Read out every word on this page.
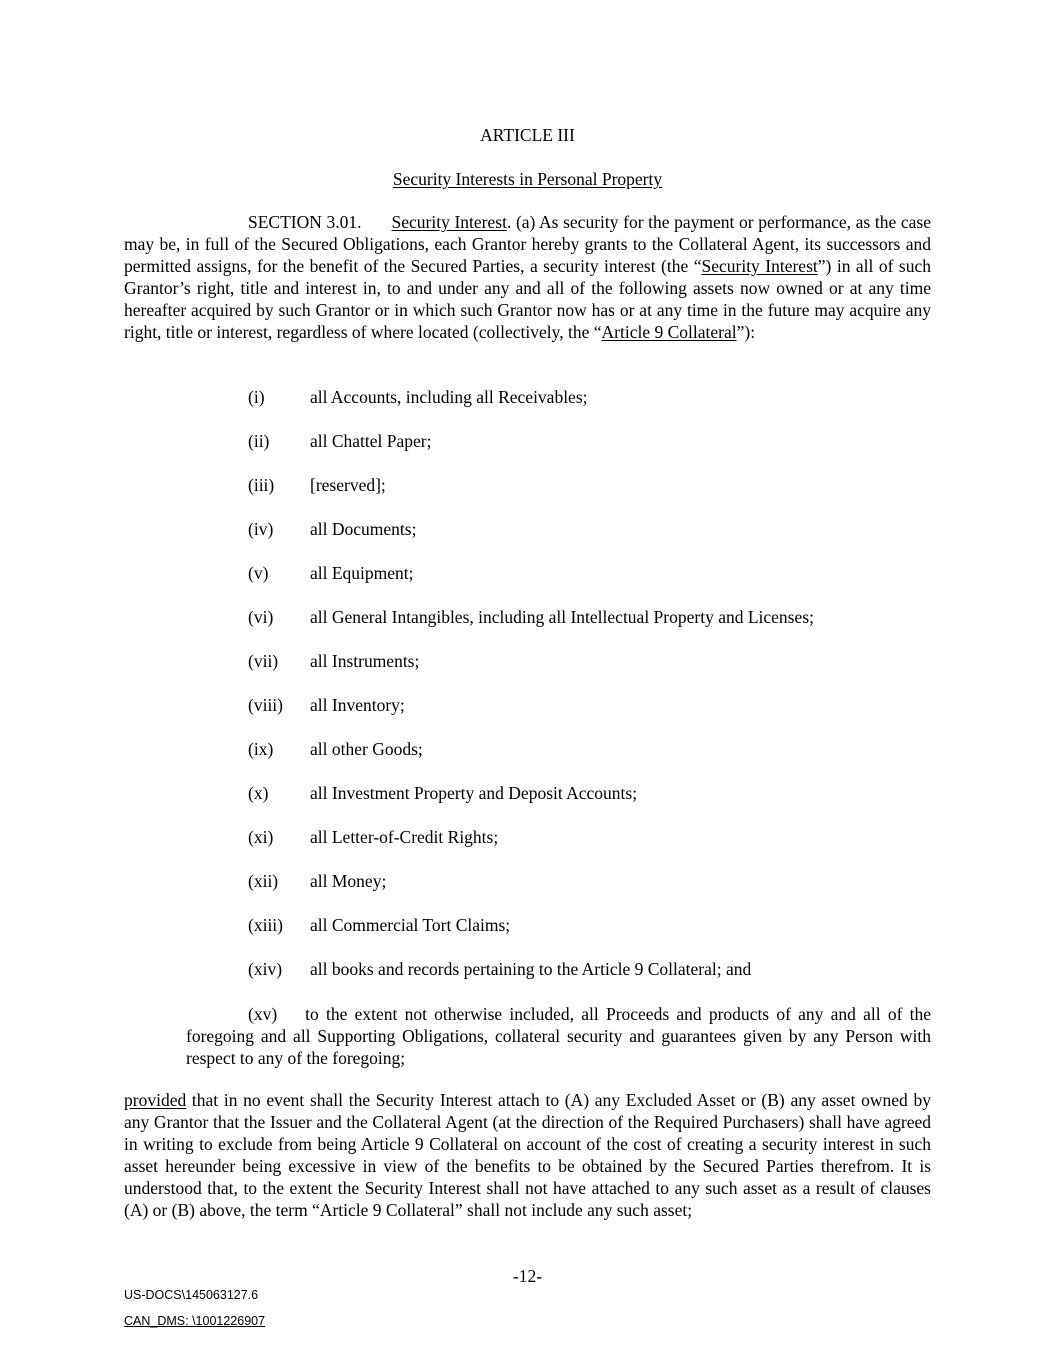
ARTICLE III
Security Interests in Personal Property
SECTION 3.01. Security Interest. (a) As security for the payment or performance, as the case may be, in full of the Secured Obligations, each Grantor hereby grants to the Collateral Agent, its successors and permitted assigns, for the benefit of the Secured Parties, a security interest (the “Security Interest”) in all of such Grantor’s right, title and interest in, to and under any and all of the following assets now owned or at any time hereafter acquired by such Grantor or in which such Grantor now has or at any time in the future may acquire any right, title or interest, regardless of where located (collectively, the “Article 9 Collateral”):
(i)	all Accounts, including all Receivables;
(ii) all Chattel Paper;
(iii) [reserved];
(iv) all Documents;
(v) all Equipment;
(vi) all General Intangibles, including all Intellectual Property and Licenses;
(vii) all Instruments;
(viii) all Inventory;
(ix) all other Goods;
(x) all Investment Property and Deposit Accounts;
(xi) all Letter-of-Credit Rights;
(xii) all Money;
(xiii) all Commercial Tort Claims;
(xiv) all books and records pertaining to the Article 9 Collateral; and
(xv) to the extent not otherwise included, all Proceeds and products of any and all of the foregoing and all Supporting Obligations, collateral security and guarantees given by any Person with respect to any of the foregoing;
provided that in no event shall the Security Interest attach to (A) any Excluded Asset or (B) any asset owned by any Grantor that the Issuer and the Collateral Agent (at the direction of the Required Purchasers) shall have agreed in writing to exclude from being Article 9 Collateral on account of the cost of creating a security interest in such asset hereunder being excessive in view of the benefits to be obtained by the Secured Parties therefrom. It is understood that, to the extent the Security Interest shall not have attached to any such asset as a result of clauses (A) or (B) above, the term “Article 9 Collateral” shall not include any such asset;
-12-
US-DOCS\145063127.6
CAN_DMS: \1001226907
